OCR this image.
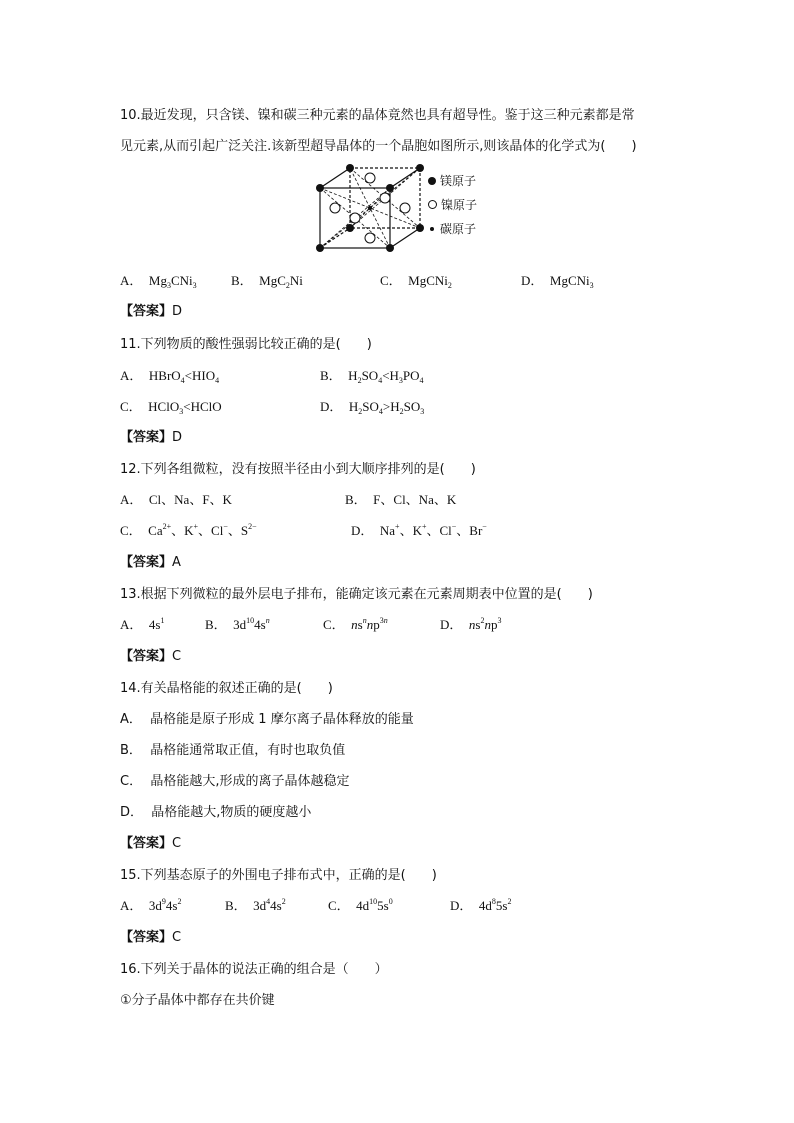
10.最近发现，只含镁、镍和碳三种元素的晶体竟然也具有超导性。鉴于这三种元素都是常
见元素,从而引起广泛关注.该新型超导晶体的一个晶胞如图所示,则该晶体的化学式为(　　)
镁原子
镍原子
碳原子
A．  $Mg_3CNi_3$	B．  MgC$_2$Ni	C．  MgCNi$_2$	D．  MgCNi$_3$
【答案】D
11.下列物质的酸性强弱比较正确的是(　　)
A．  $HBrO_4<HIO_4$	B．  $H_2SO_4<H_3PO_4$
C．  HClO$_3$<HClO	D．  $H_2SO_4>H_2SO_3$
【答案】D
12.下列各组微粒，没有按照半径由小到大顺序排列的是(　　)
A．  Cl、Na、F、K	B．  F、Cl、Na、K
C．  $Ca^{2+}$、K+、Cl−、$S^{2-}$	D．  Na+、K+、Cl−、Br−
【答案】A
13.根据下列微粒的最外层电子排布，能确定该元素在元素周期表中位置的是(　　)
A．  $4s^1$	B．  $3d^{10}4s^n$	C．  $ns^nnp^{3n}$	D．  $ns^2np^3$
【答案】C
14.有关晶格能的叙述正确的是(　　)
A．  晶格能是原子形成 1 摩尔离子晶体释放的能量
B．  晶格能通常取正值，有时也取负值
C．  晶格能越大,形成的离子晶体越稳定
D．  晶格能越大,物质的硬度越小
【答案】C
15.下列基态原子的外围电子排布式中，正确的是(　　)
A．  $3d^94s^2$	B．  $3d^44s^2$	C．  $4d^{10}5s^0$	D．  $4d^85s^2$
【答案】C
16.下列关于晶体的说法正确的组合是（　　）
①分子晶体中都存在共价键
